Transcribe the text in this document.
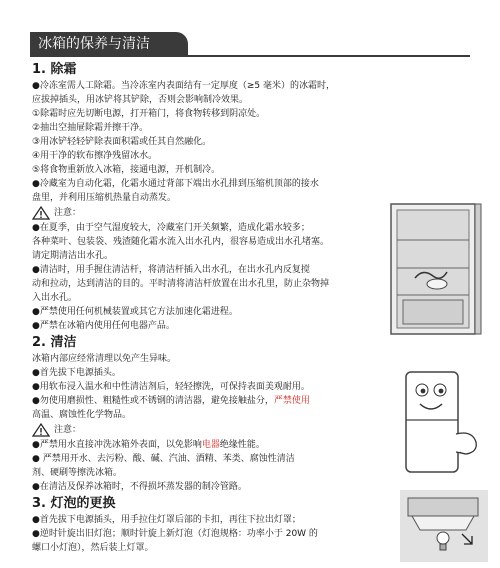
冰箱的保养与清洁
1. 除霜
●冷冻室需人工除霜。当冷冻室内表面结有一定厚度（≥5 毫米）的冰霜时，
应拔掉插头，用冰铲将其铲除，否则会影响制冷效果。
①除霜时应先切断电源，打开箱门，将食物转移到阴凉处。
②抽出空抽屉除霜并擦干净。
③用冰铲轻轻铲除表面积霜或任其自然融化。
④用干净的软布擦净残留冰水。
⑤将食物重新放入冰箱，接通电源，开机制冷。
●冷藏室为自动化霜，化霜水通过背部下端出水孔排到压缩机顶部的接水
盘里，并利用压缩机热量自动蒸发。
注意：
●在夏季，由于空气湿度较大，冷藏室门开关频繁，造成化霜水较多；
各种菜叶、包装袋、残渣随化霜水流入出水孔内，很容易造成出水孔堵塞。
请定期清洁出水孔。
●清洁时，用手握住清洁杆，将清洁杆插入出水孔，在出水孔内反复搅
动和拉动，达到清洁的目的。平时清将清洁杆放置在出水孔里，防止杂物掉
入出水孔。
●严禁使用任何机械装置或其它方法加速化霜进程。
●严禁在冰箱内使用任何电器产品。
2. 清洁
冰箱内部应经常清理以免产生异味。
●首先拔下电源插头。
●用软布浸入温水和中性清洁剂后，轻轻擦洗，可保持表面美观耐用。
●勿使用磨损性、粗糙性或不锈钢的清洁器，避免接触盐分，严禁使用
高温、腐蚀性化学物品。
注意：
●严禁用水直接冲洗冰箱外表面，以免影响电器绝缘性能。
● 严禁用开水、去污粉、酸、碱、汽油、酒精、苯类、腐蚀性清洁
剂、硬刷等擦洗冰箱。
●在清洁及保养冰箱时，不得损坏蒸发器的制冷管路。
3. 灯泡的更换
●首先拔下电源插头，用手拉住灯罩后部的卡扣，再往下拉出灯罩；
●逆时针旋出旧灯泡；顺时针旋上新灯泡（灯泡规格：功率小于 20W 的
螺口小灯泡），然后装上灯罩。
